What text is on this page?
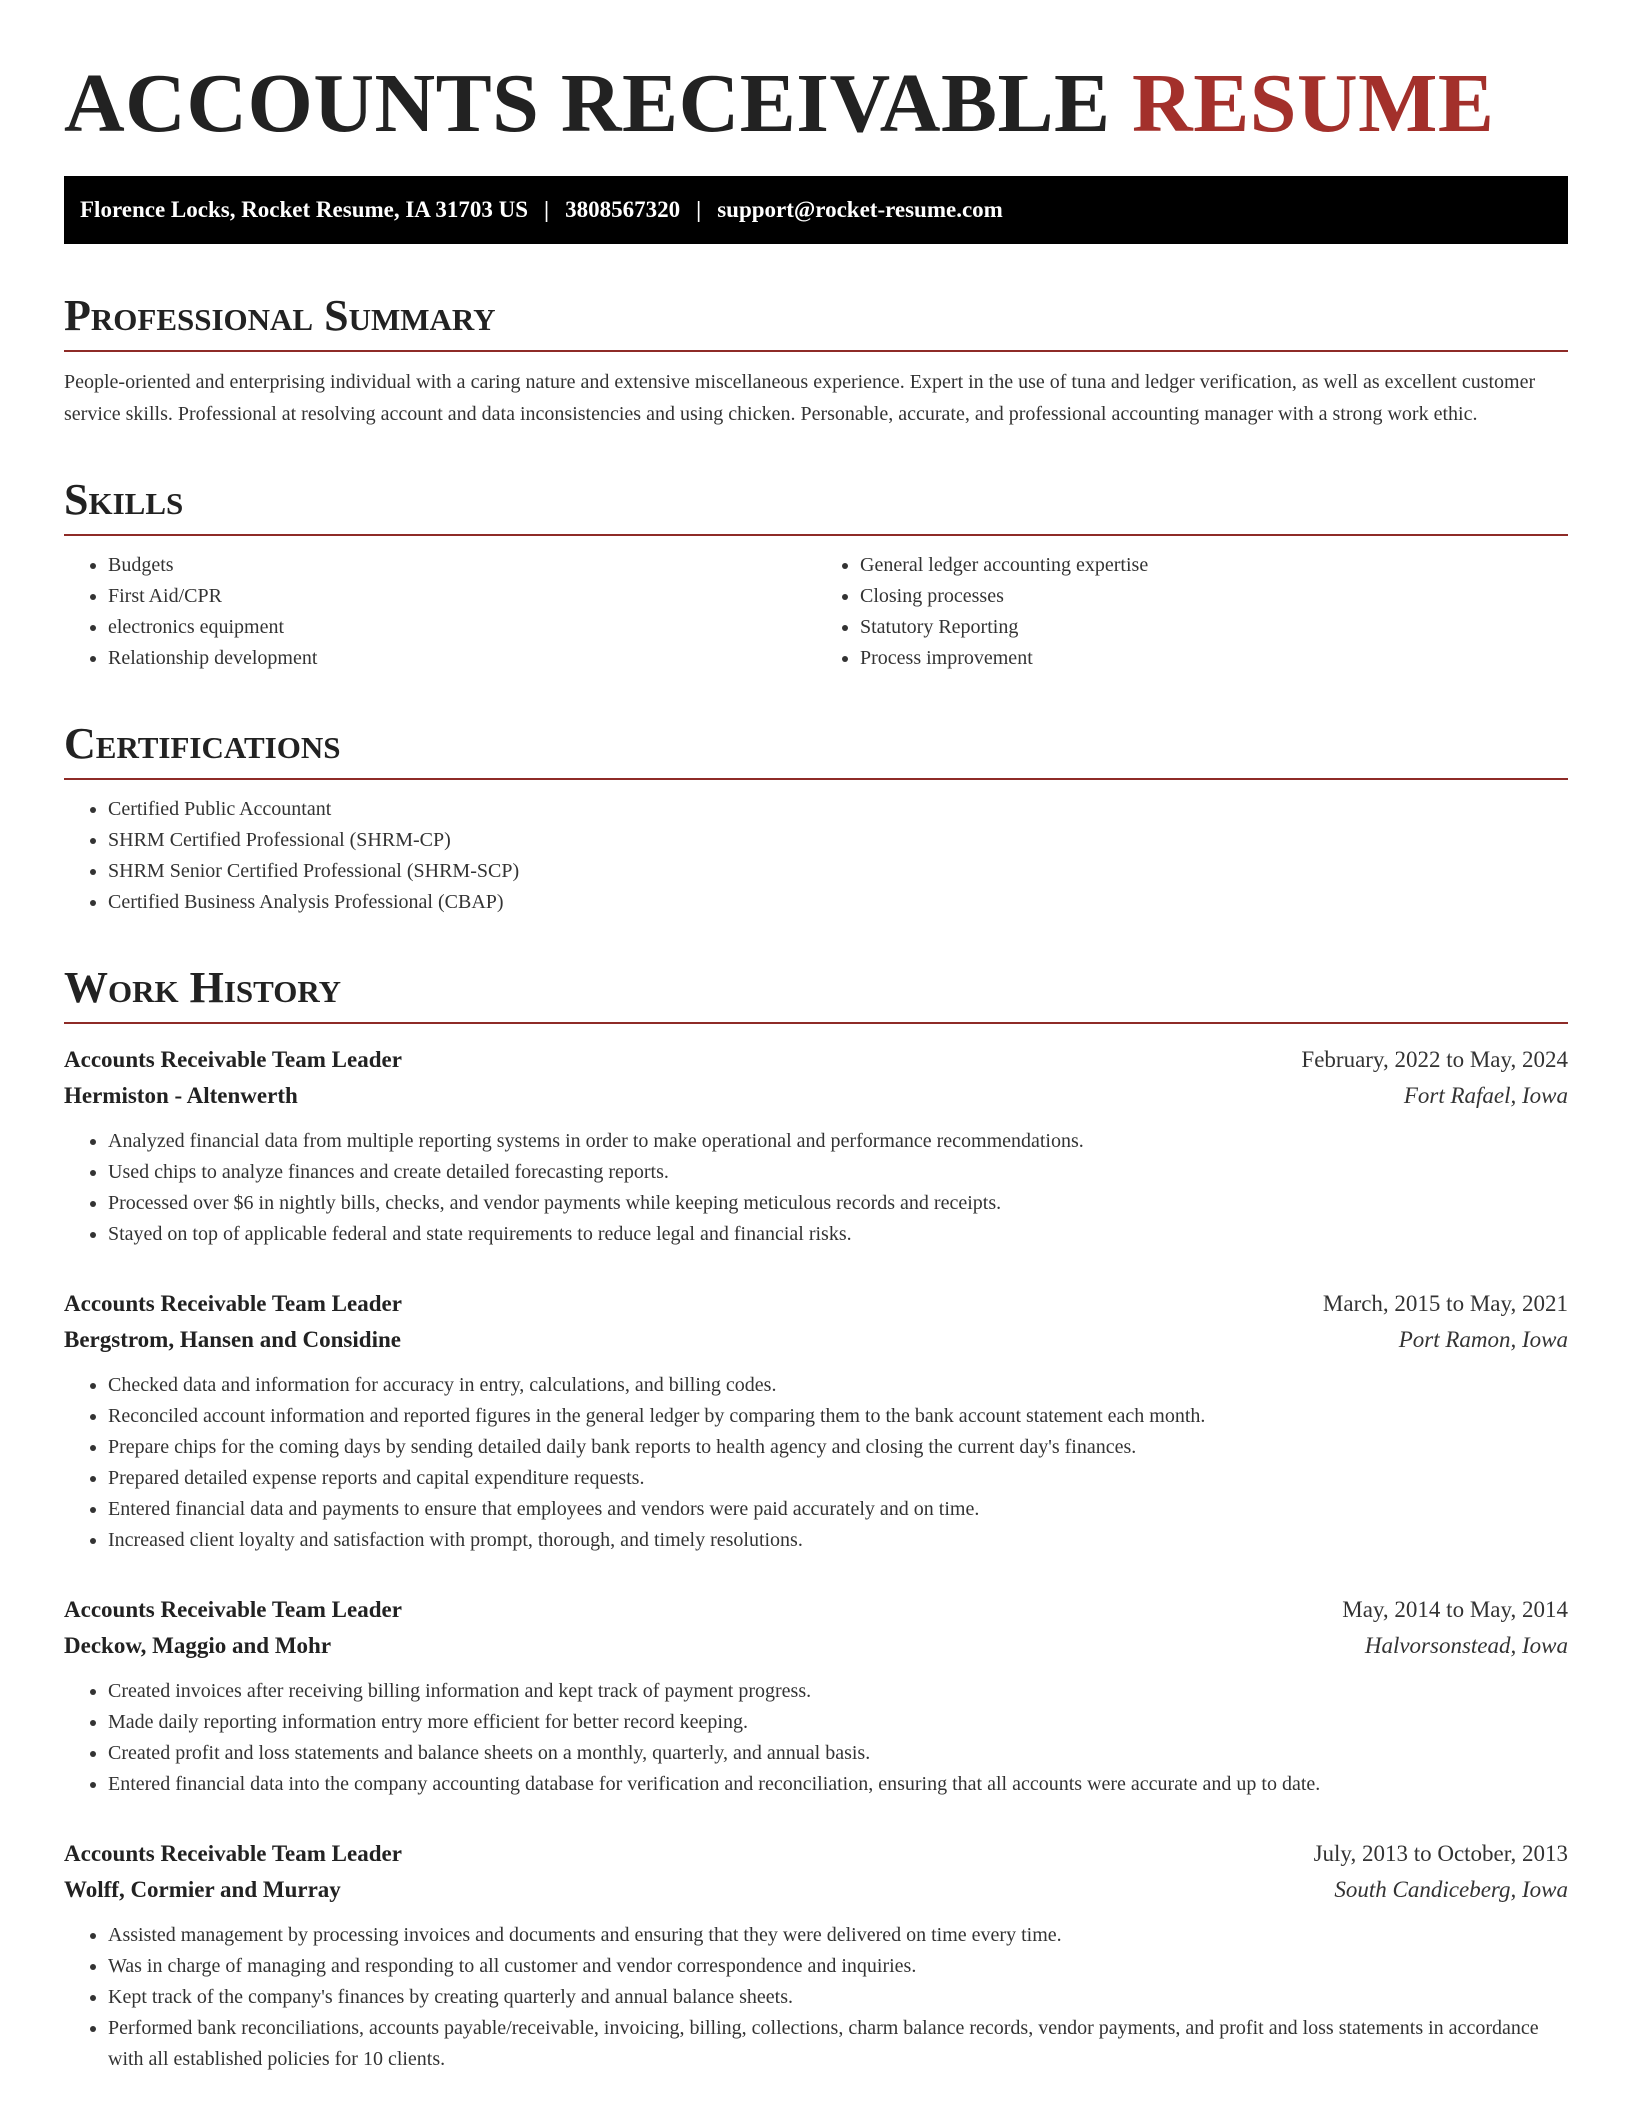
ACCOUNTS RECEIVABLE RESUME
Florence Locks, Rocket Resume, IA 31703 US | 3808567320 | support@rocket-resume.com
Professional Summary

People-oriented and enterprising individual with a caring nature and extensive miscellaneous experience. Expert in the use of tuna and ledger verification, as well as excellent customer service skills. Professional at resolving account and data inconsistencies and using chicken. Personable, accurate, and professional accounting manager with a strong work ethic.

Skills
• Budgets
• First Aid/CPR
• electronics equipment
• Relationship development
• General ledger accounting expertise
• Closing processes
• Statutory Reporting
• Process improvement
Certifications
• Certified Public Accountant
• SHRM Certified Professional (SHRM-CP)
• SHRM Senior Certified Professional (SHRM-SCP)
• Certified Business Analysis Professional (CBAP)
Work History
Accounts Receivable Team Leader	February, 2022 to May, 2024
Hermiston - Altenwerth	Fort Rafael, Iowa
• Analyzed financial data from multiple reporting systems in order to make operational and performance recommendations.
• Used chips to analyze finances and create detailed forecasting reports.
• Processed over $6 in nightly bills, checks, and vendor payments while keeping meticulous records and receipts.
• Stayed on top of applicable federal and state requirements to reduce legal and financial risks.
Accounts Receivable Team Leader	March, 2015 to May, 2021
Bergstrom, Hansen and Considine	Port Ramon, Iowa
• Checked data and information for accuracy in entry, calculations, and billing codes.
• Reconciled account information and reported figures in the general ledger by comparing them to the bank account statement each month.
• Prepare chips for the coming days by sending detailed daily bank reports to health agency and closing the current day's finances.
• Prepared detailed expense reports and capital expenditure requests.
• Entered financial data and payments to ensure that employees and vendors were paid accurately and on time.
• Increased client loyalty and satisfaction with prompt, thorough, and timely resolutions.
Accounts Receivable Team Leader	May, 2014 to May, 2014
Deckow, Maggio and Mohr	Halvorsonstead, Iowa
• Created invoices after receiving billing information and kept track of payment progress.
• Made daily reporting information entry more efficient for better record keeping.
• Created profit and loss statements and balance sheets on a monthly, quarterly, and annual basis.
• Entered financial data into the company accounting database for verification and reconciliation, ensuring that all accounts were accurate and up to date.
Accounts Receivable Team Leader	July, 2013 to October, 2013
Wolff, Cormier and Murray	South Candiceberg, Iowa
• Assisted management by processing invoices and documents and ensuring that they were delivered on time every time.
• Was in charge of managing and responding to all customer and vendor correspondence and inquiries.
• Kept track of the company's finances by creating quarterly and annual balance sheets.
• Performed bank reconciliations, accounts payable/receivable, invoicing, billing, collections, charm balance records, vendor payments, and profit and loss statements in accordance with all established policies for 10 clients.
